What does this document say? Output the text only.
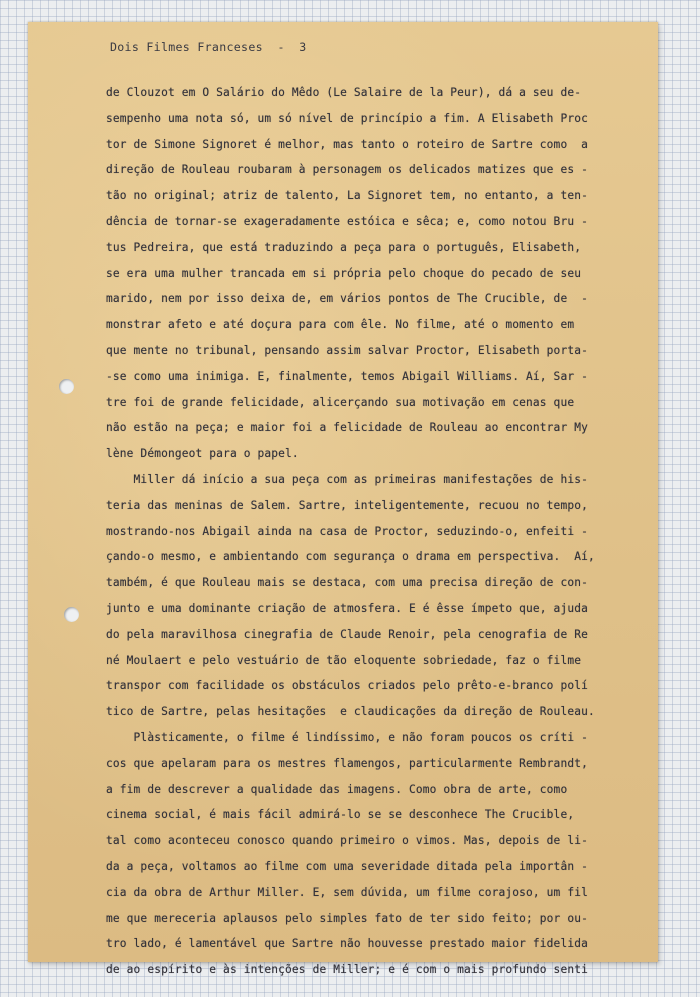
Dois Filmes Franceses  -  3
de Clouzot em O Salário do Mêdo (Le Salaire de la Peur), dá a seu de-
sempenho uma nota só, um só nível de princípio a fim. A Elisabeth Proc
tor de Simone Signoret é melhor, mas tanto o roteiro de Sartre como  a
direção de Rouleau roubaram à personagem os delicados matizes que es -
tão no original; atriz de talento, La Signoret tem, no entanto, a ten-
dência de tornar-se exageradamente estóica e sêca; e, como notou Bru -
tus Pedreira, que está traduzindo a peça para o português, Elisabeth,
se era uma mulher trancada em si própria pelo choque do pecado de seu
marido, nem por isso deixa de, em vários pontos de The Crucible, de  -
monstrar afeto e até doçura para com êle. No filme, até o momento em
que mente no tribunal, pensando assim salvar Proctor, Elisabeth porta-
-se como uma inimiga. E, finalmente, temos Abigail Williams. Aí, Sar -
tre foi de grande felicidade, alicerçando sua motivação em cenas que
não estão na peça; e maior foi a felicidade de Rouleau ao encontrar My
lène Démongeot para o papel.
Miller dá início a sua peça com as primeiras manifestações de his-
teria das meninas de Salem. Sartre, inteligentemente, recuou no tempo,
mostrando-nos Abigail ainda na casa de Proctor, seduzindo-o, enfeiti -
çando-o mesmo, e ambientando com segurança o drama em perspectiva.  Aí,
também, é que Rouleau mais se destaca, com uma precisa direção de con-
junto e uma dominante criação de atmosfera. E é êsse ímpeto que, ajuda
do pela maravilhosa cinegrafia de Claude Renoir, pela cenografia de Re
né Moulaert e pelo vestuário de tão eloquente sobriedade, faz o filme
transpor com facilidade os obstáculos criados pelo prêto-e-branco polí
tico de Sartre, pelas hesitações  e claudicações da direção de Rouleau.
Plàsticamente, o filme é lindíssimo, e não foram poucos os críti -
cos que apelaram para os mestres flamengos, particularmente Rembrandt,
a fim de descrever a qualidade das imagens. Como obra de arte, como
cinema social, é mais fácil admirá-lo se se desconhece The Crucible,
tal como aconteceu conosco quando primeiro o vimos. Mas, depois de li-
da a peça, voltamos ao filme com uma severidade ditada pela importân -
cia da obra de Arthur Miller. E, sem dúvida, um filme corajoso, um fil
me que mereceria aplausos pelo simples fato de ter sido feito; por ou-
tro lado, é lamentável que Sartre não houvesse prestado maior fidelida
de ao espírito e às intenções de Miller; e é com o mais profundo senti
